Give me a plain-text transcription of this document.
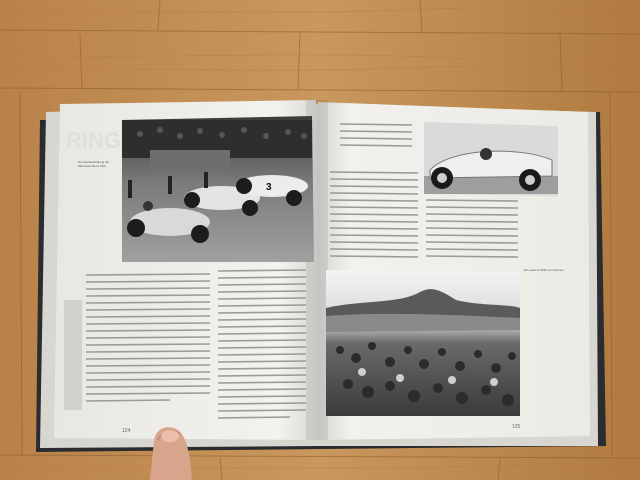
RING
3
Die Startaufstellung der Mercedes-Benz SSK
124
Ein weiteres Bild vom Rennen
125
